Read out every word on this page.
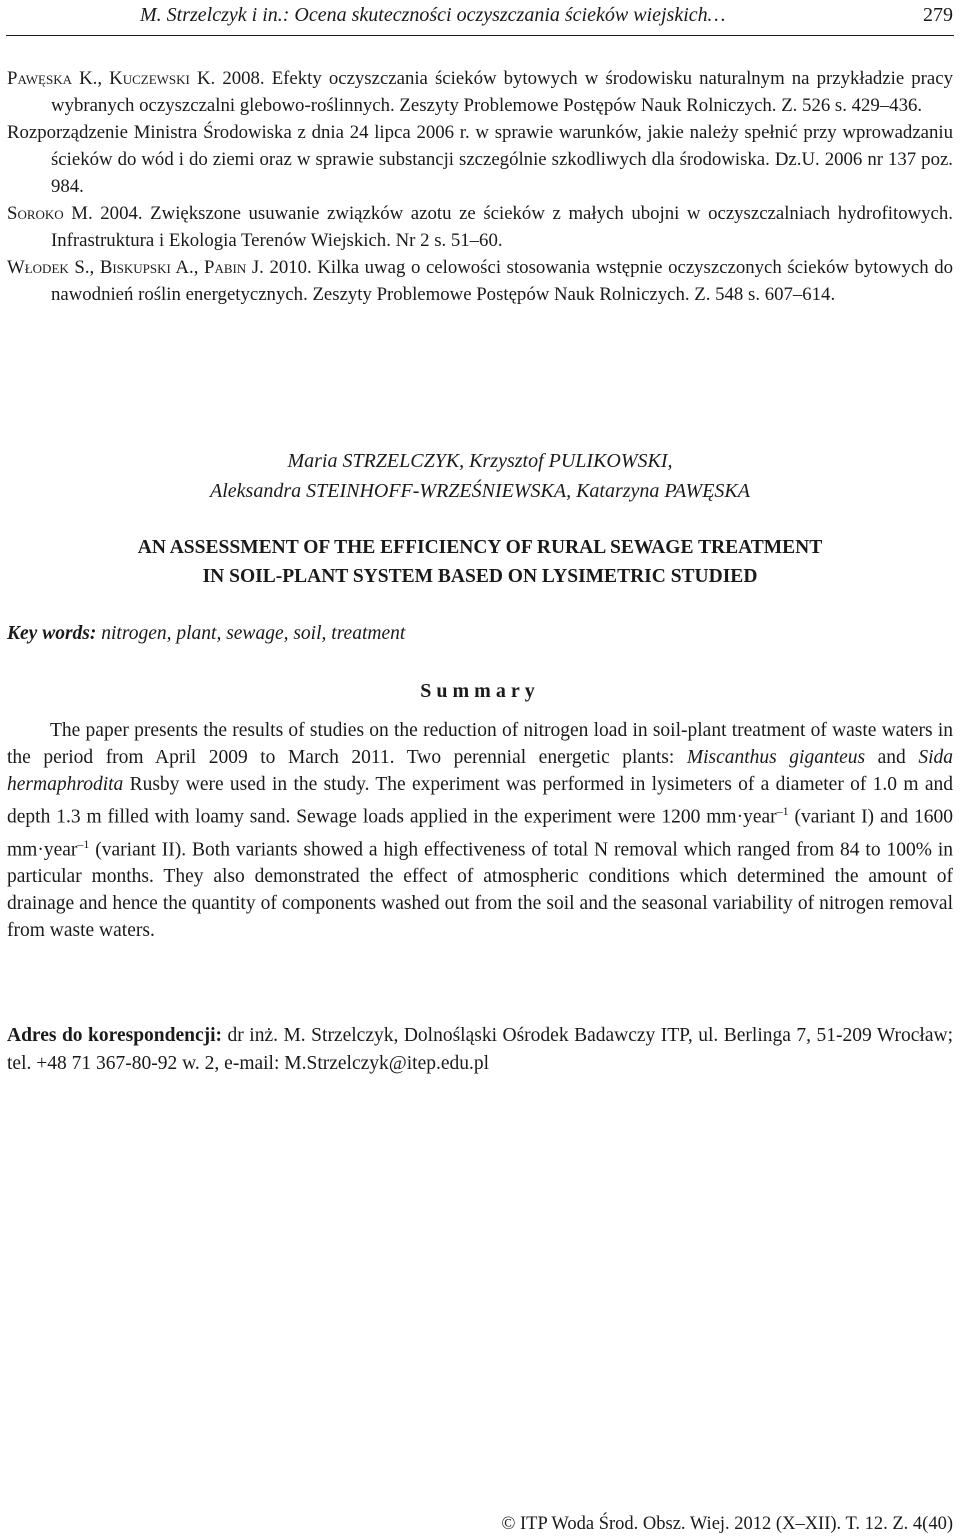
M. Strzelczyk i in.: Ocena skuteczności oczyszczania ścieków wiejskich…	279

Pawęska K., Kuczewski K. 2008. Efekty oczyszczania ścieków bytowych w środowisku naturalnym na przykładzie pracy wybranych oczyszczalni glebowo-roślinnych. Zeszyty Problemowe Postępów Nauk Rolniczych. Z. 526 s. 429–436.

Rozporządzenie Ministra Środowiska z dnia 24 lipca 2006 r. w sprawie warunków, jakie należy spełnić przy wprowadzaniu ścieków do wód i do ziemi oraz w sprawie substancji szczególnie szkodliwych dla środowiska. Dz.U. 2006 nr 137 poz. 984.

Soroko M. 2004. Zwiększone usuwanie związków azotu ze ścieków z małych ubojni w oczyszczalniach hydrofitowych. Infrastruktura i Ekologia Terenów Wiejskich. Nr 2 s. 51–60.

Włodek S., Biskupski A., Pabin J. 2010. Kilka uwag o celowości stosowania wstępnie oczyszczonych ścieków bytowych do nawodnień roślin energetycznych. Zeszyty Problemowe Postępów Nauk Rolniczych. Z. 548 s. 607–614.

Maria STRZELCZYK, Krzysztof PULIKOWSKI,
Aleksandra STEINHOFF-WRZEŚNIEWSKA, Katarzyna PAWĘSKA
AN ASSESSMENT OF THE EFFICIENCY OF RURAL SEWAGE TREATMENT
IN SOIL-PLANT SYSTEM BASED ON LYSIMETRIC STUDIED
Key words: nitrogen, plant, sewage, soil, treatment
Summary

The paper presents the results of studies on the reduction of nitrogen load in soil-plant treatment of waste waters in the period from April 2009 to March 2011. Two perennial energetic plants: Miscanthus giganteus and Sida hermaphrodita Rusby were used in the study. The experiment was performed in lysimeters of a diameter of 1.0 m and depth 1.3 m filled with loamy sand. Sewage loads applied in the experiment were 1200 mm·year$^{-1}$ (variant I) and 1600 mm·year$^{-1}$ (variant II). Both variants showed a high effectiveness of total N removal which ranged from 84 to 100% in particular months. They also demonstrated the effect of atmospheric conditions which determined the amount of drainage and hence the quantity of components washed out from the soil and the seasonal variability of nitrogen removal from waste waters.

Adres do korespondencji: dr inż. M. Strzelczyk, Dolnośląski Ośrodek Badawczy ITP, ul. Berlinga 7, 51-209 Wrocław; tel. +48 71 367-80-92 w. 2, e-mail: M.Strzelczyk@itep.edu.pl

© ITP Woda Środ. Obsz. Wiej. 2012 (X–XII). T. 12. Z. 4(40)
